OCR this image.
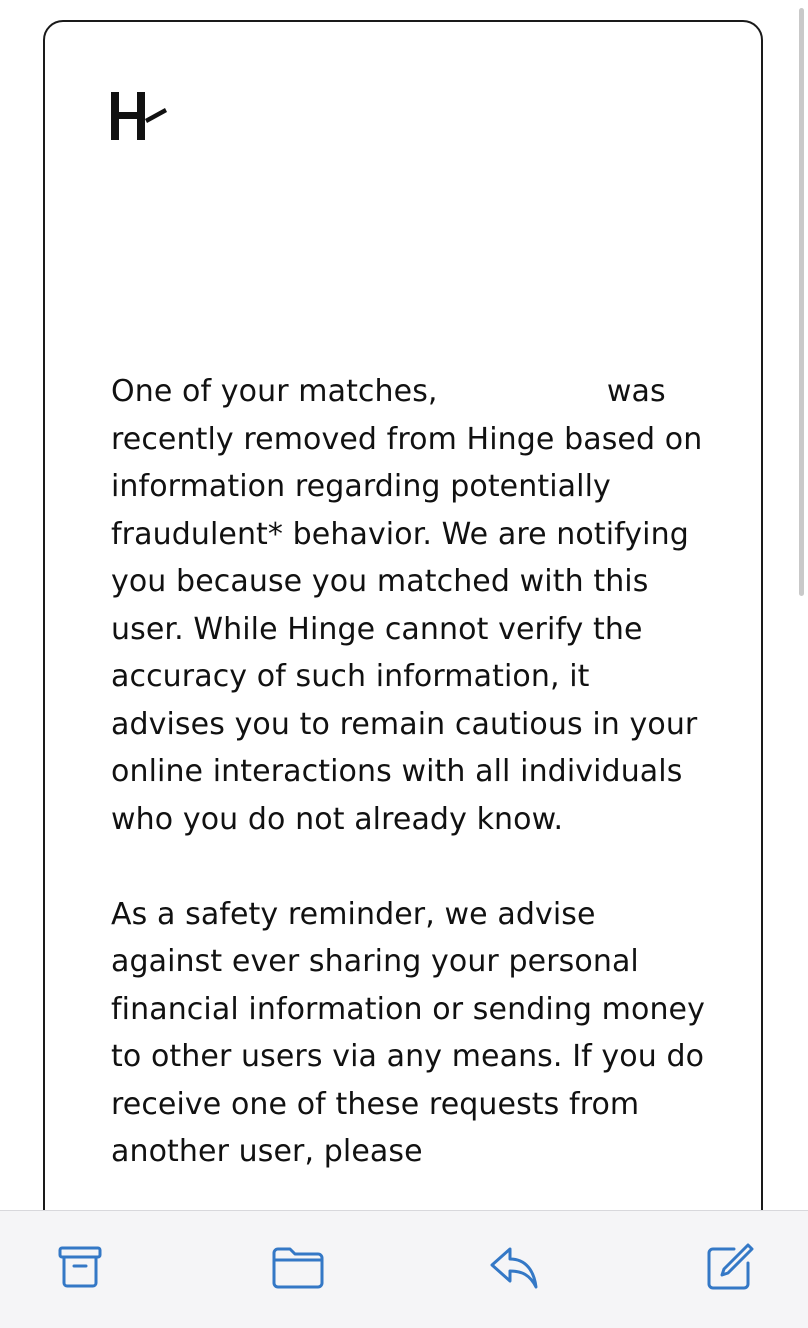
One of your matches,	was recently removed from Hinge based on information regarding potentially fraudulent* behavior. We are notifying you because you matched with this user. While Hinge cannot verify the accuracy of such information, it advises you to remain cautious in your online interactions with all individuals who you do not already know.

As a safety reminder, we advise against ever sharing your personal financial information or sending money to other users via any means. If you do receive one of these requests from another user, please
